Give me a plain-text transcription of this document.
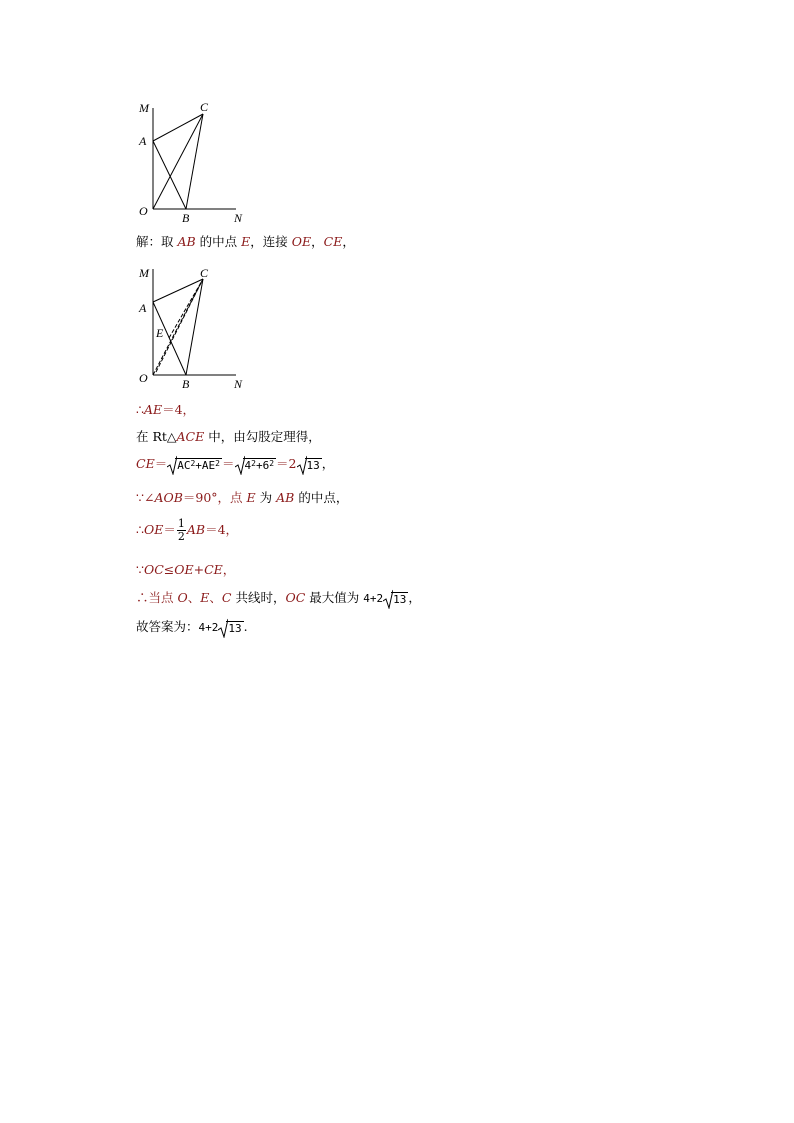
M	C
A
O	B	N
解：取 AB 的中点 E，连接 OE，CE，
M	C
A
E
O	B	N
∴AE＝4，
在 Rt△ACE 中，由勾股定理得，
$CE= AC^2+AE^2 = 4^2+6^2 =2$ 13 ，
∵∠AOB＝90°，点 E 为 AB 的中点，
∴OE＝ $\frac{1}{2} AB=4$，
∵OC≤OE+CE，
∴当点 O、E、C 共线时，OC 最大值为 4+2 13 ，
故答案为：4+2 13 .
